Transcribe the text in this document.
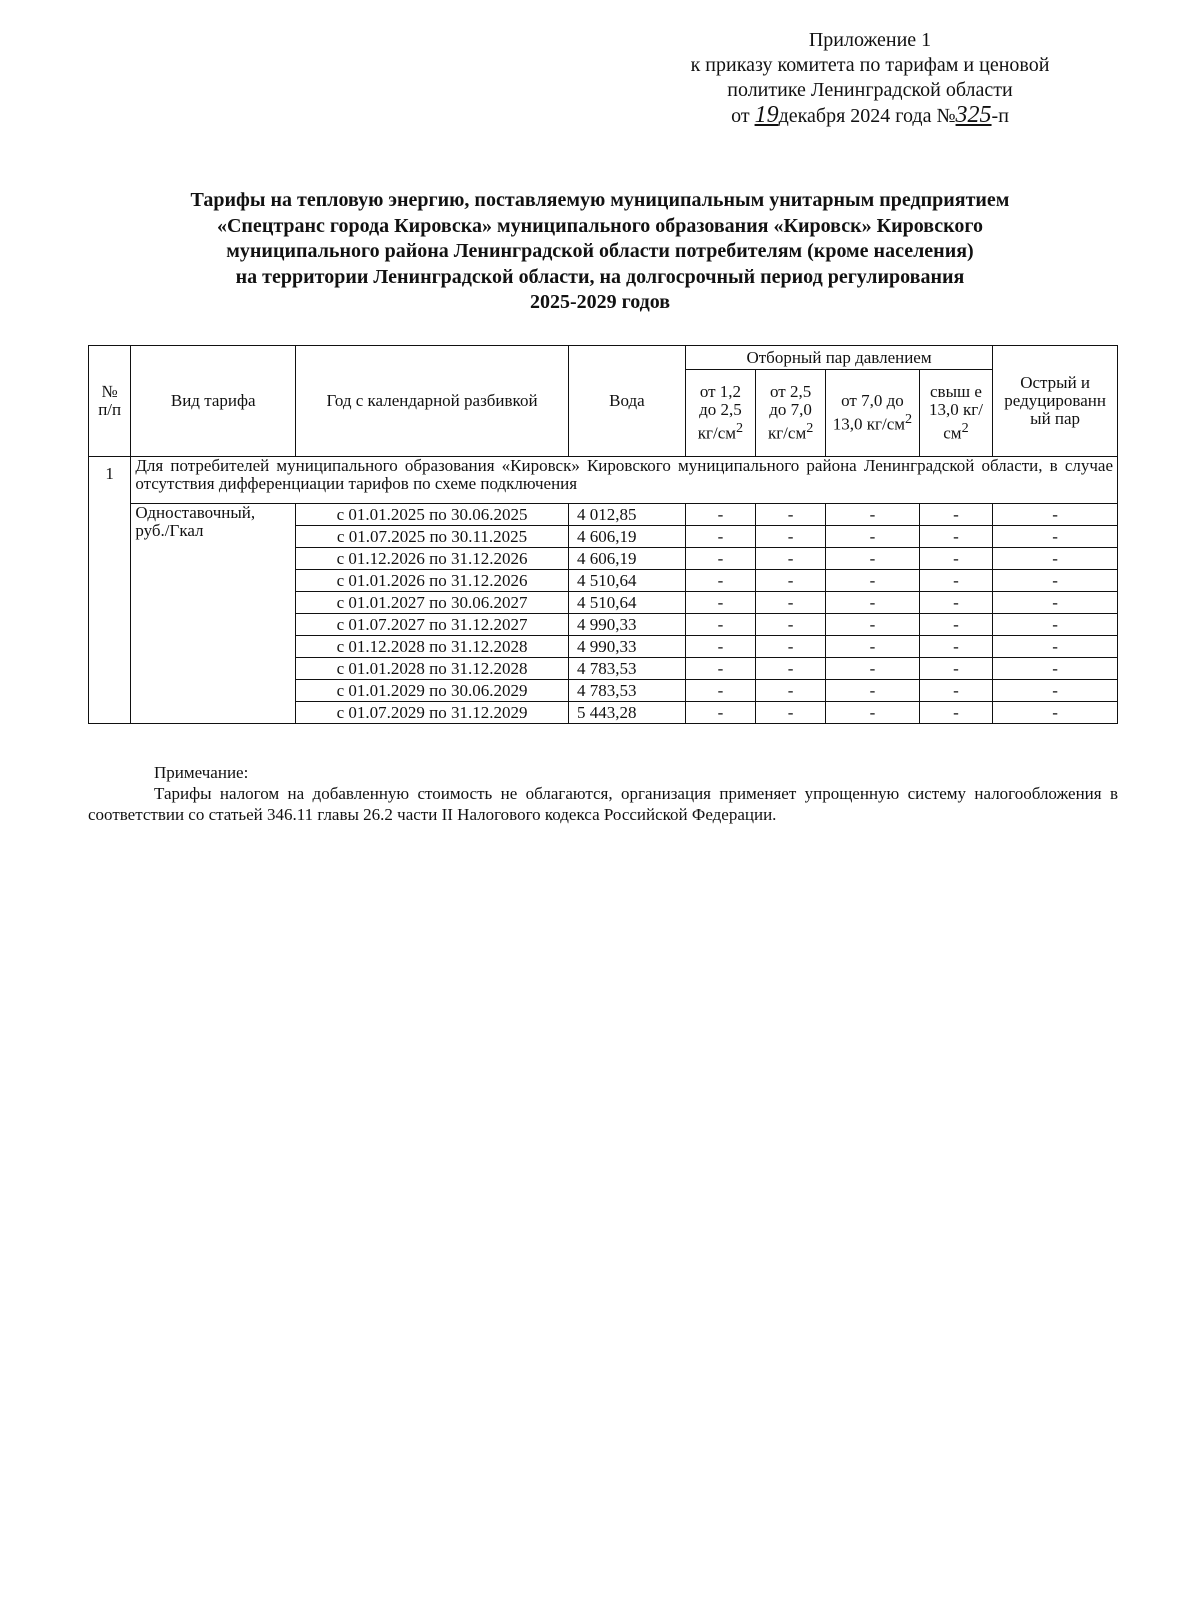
Приложение 1
к приказу комитета по тарифам и ценовой
политике Ленинградской области
от 19декабря 2024 года №325-п
Тарифы на тепловую энергию, поставляемую муниципальным унитарным предприятием
«Спецтранс города Кировска» муниципального образования «Кировск» Кировского
муниципального района Ленинградской области потребителям (кроме населения)
на территории Ленинградской области, на долгосрочный период регулирования
2025-2029 годов
№ п/п	Вид тарифа	Год с календарной разбивкой	Вода	Отборный пар давлением				Острый и редуцированн ый пар
				от 1,2 до 2,5 $кг/см^2$	от 2,5 до 7,0 $кг/см^2$	от 7,0 до 13,0 $кг/см^2$	свыш е 13,0 $кг/см^2$
1	Для потребителей муниципального образования «Кировск» Кировского муниципального района Ленинградской области, в случае отсутствия дифференциации тарифов по схеме подключения							
	Одноставочный, руб./Гкал	с 01.01.2025 по 30.06.2025	4 012,85	-	-	-	-	-
		с 01.07.2025 по 30.11.2025	4 606,19	-	-	-	-	-
		с 01.12.2026 по 31.12.2026	4 606,19	-	-	-	-	-
		с 01.01.2026 по 31.12.2026	4 510,64	-	-	-	-	-
		с 01.01.2027 по 30.06.2027	4 510,64	-	-	-	-	-
		с 01.07.2027 по 31.12.2027	4 990,33	-	-	-	-	-
		с 01.12.2028 по 31.12.2028	4 990,33	-	-	-	-	-
		с 01.01.2028 по 31.12.2028	4 783,53	-	-	-	-	-
		с 01.01.2029 по 30.06.2029	4 783,53	-	-	-	-	-
		с 01.07.2029 по 31.12.2029	5 443,28	-	-	-	-	-
Примечание:
Тарифы налогом на добавленную стоимость не облагаются, организация применяет упрощенную систему налогообложения в соответствии со статьей 346.11 главы 26.2 части II Налогового кодекса Российской Федерации.
